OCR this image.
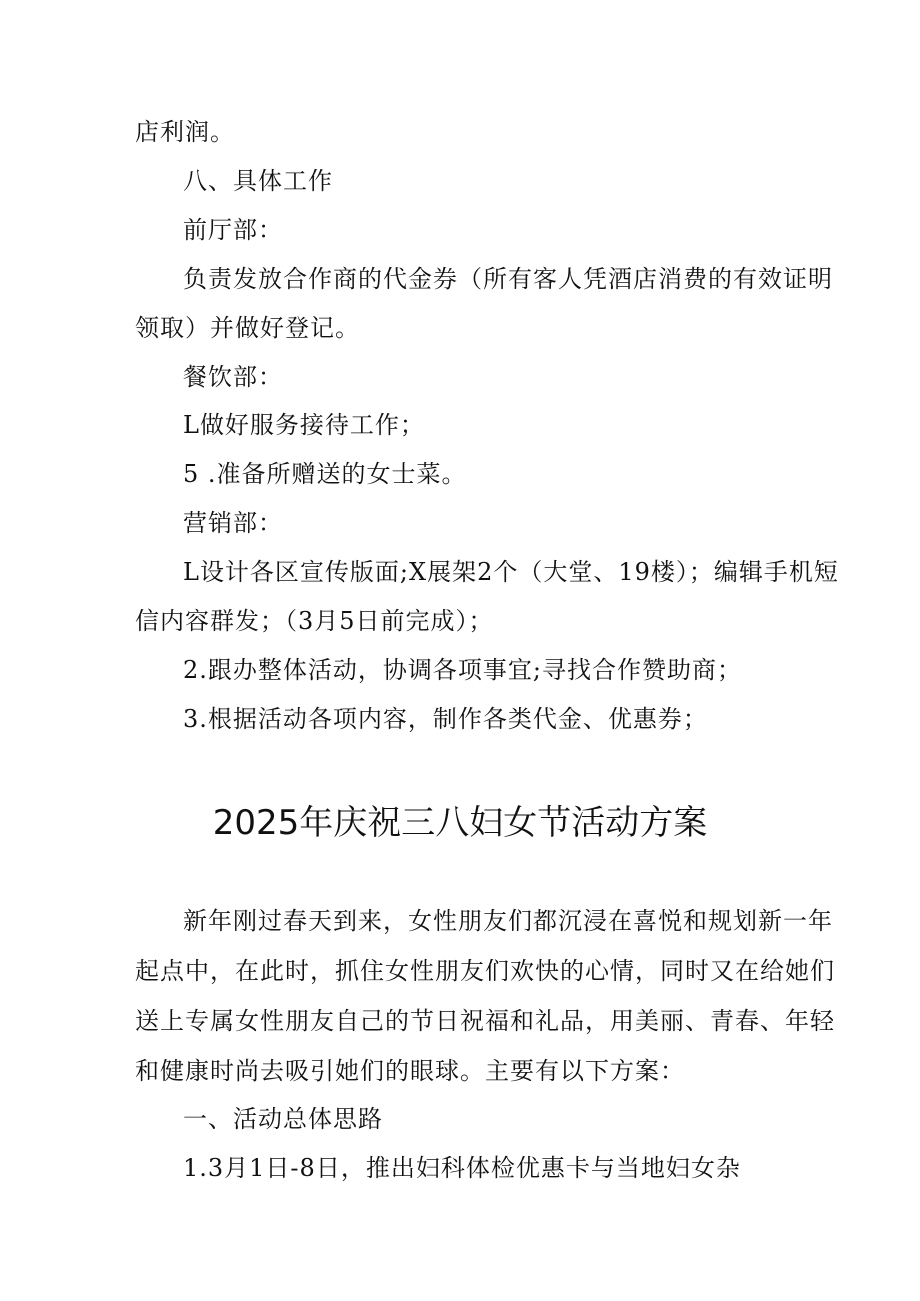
店利润。
八、具体工作
前厅部：
负责发放合作商的代金券（所有客人凭酒店消费的有效证明
领取）并做好登记。
餐饮部：
L做好服务接待工作；
5 .准备所赠送的女士菜。
营销部：
L设计各区宣传版面;X展架2个（大堂、19楼）；编辑手机短
信内容群发；（3月5日前完成）；
2.跟办整体活动，协调各项事宜;寻找合作赞助商；
3.根据活动各项内容，制作各类代金、优惠券；
2025年庆祝三八妇女节活动方案
新年刚过春天到来，女性朋友们都沉浸在喜悦和规划新一年
起点中，在此时，抓住女性朋友们欢快的心情，同时又在给她们
送上专属女性朋友自己的节日祝福和礼品，用美丽、青春、年轻
和健康时尚去吸引她们的眼球。主要有以下方案：
一、活动总体思路
1.3月1日-8日，推出妇科体检优惠卡与当地妇女杂
